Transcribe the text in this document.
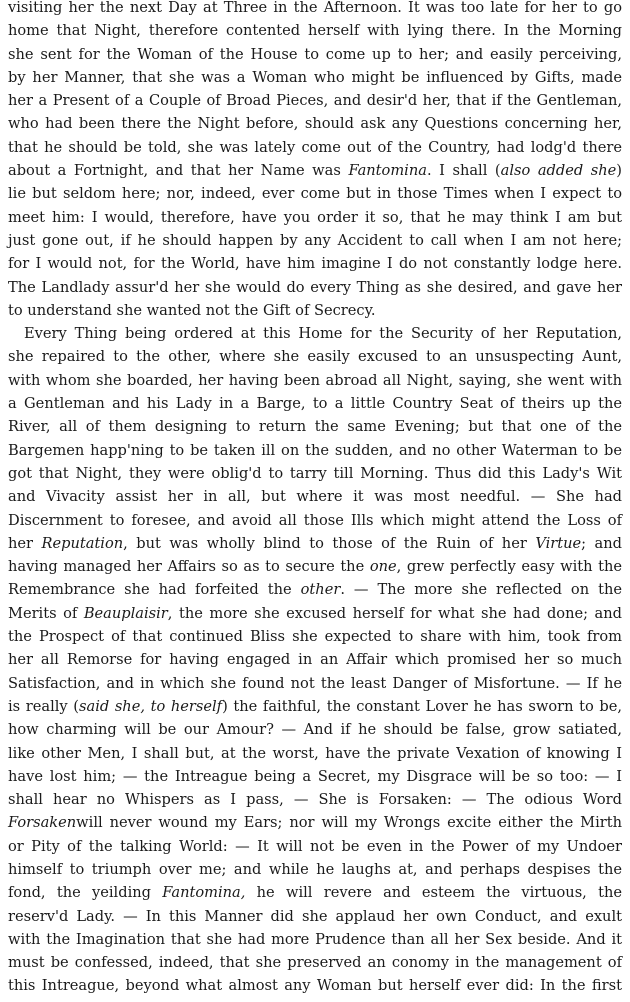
visiting her the next Day at Three in the Afternoon. It was too late for her to go
home that Night, therefore contented herself with lying there. In the Morning
she sent for the Woman of the House to come up to her; and easily perceiving,
by her Manner, that she was a Woman who might be influenced by Gifts, made
her a Present of a Couple of Broad Pieces, and desir'd her, that if the Gentleman,
who had been there the Night before, should ask any Questions concerning her,
that he should be told, she was lately come out of the Country, had lodg'd there
about a Fortnight, and that her Name was Fantomina. I shall (also added she)
lie but seldom here; nor, indeed, ever come but in those Times when I expect to
meet him: I would, therefore, have you order it so, that he may think I am but
just gone out, if he should happen by any Accident to call when I am not here;
for I would not, for the World, have him imagine I do not constantly lodge here.
The Landlady assur'd her she would do every Thing as she desired, and gave her
to understand she wanted not the Gift of Secrecy.
Every Thing being ordered at this Home for the Security of her Reputation,
she repaired to the other, where she easily excused to an unsuspecting Aunt,
with whom she boarded, her having been abroad all Night, saying, she went with
a Gentleman and his Lady in a Barge, to a little Country Seat of theirs up the
River, all of them designing to return the same Evening; but that one of the
Bargemen happ'ning to be taken ill on the sudden, and no other Waterman to be
got that Night, they were oblig'd to tarry till Morning. Thus did this Lady's Wit
and Vivacity assist her in all, but where it was most needful. — She had
Discernment to foresee, and avoid all those Ills which might attend the Loss of
her Reputation, but was wholly blind to those of the Ruin of her Virtue; and
having managed her Affairs so as to secure the one, grew perfectly easy with the
Remembrance she had forfeited the other. — The more she reflected on the
Merits of Beauplaisir, the more she excused herself for what she had done; and
the Prospect of that continued Bliss she expected to share with him, took from
her all Remorse for having engaged in an Affair which promised her so much
Satisfaction, and in which she found not the least Danger of Misfortune. — If he
is really (said she, to herself) the faithful, the constant Lover he has sworn to be,
how charming will be our Amour? — And if he should be false, grow satiated,
like other Men, I shall but, at the worst, have the private Vexation of knowing I
have lost him; — the Intreague being a Secret, my Disgrace will be so too: — I
shall hear no Whispers as I pass, — She is Forsaken: — The odious Word
Forsakenwill never wound my Ears; nor will my Wrongs excite either the Mirth
or Pity of the talking World: — It will not be even in the Power of my Undoer
himself to triumph over me; and while he laughs at, and perhaps despises the
fond, the yeilding Fantomina, he will revere and esteem the virtuous, the
reserv'd Lady. — In this Manner did she applaud her own Conduct, and exult
with the Imagination that she had more Prudence than all her Sex beside. And it
must be confessed, indeed, that she preserved an conomy in the management of
this Intreague, beyond what almost any Woman but herself ever did: In the first
